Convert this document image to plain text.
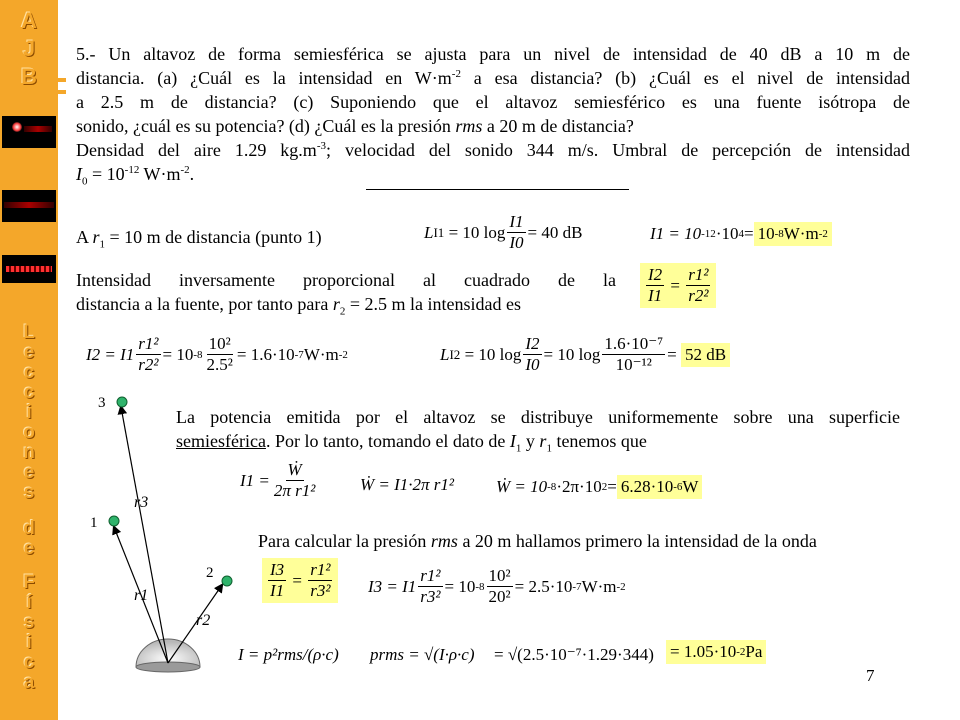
A
J
B
L
e
c
c
i
o
n
e
s
d
e
F
í
s
i
c
a
5.- Un altavoz de forma semiesférica se ajusta para un nivel de intensidad de 40 dB a 10 m de
distancia. (a) ¿Cuál es la intensidad en $W\cdot m^{-2}$ a esa distancia? (b) ¿Cuál es el nivel de intensidad
a 2.5 m de distancia? (c) Suponiendo que el altavoz semiesférico es una fuente isótropa de
sonido, ¿cuál es su potencia? (d) ¿Cuál es la presión rms a 20 m de distancia?
Densidad del aire 1.29 $kg.m^{-3}$; velocidad del sonido 344 m/s. Umbral de percepción de intensidad
$I_0 = 10^{-12}$ $W\cdot m^{-2}$.
A $r_1 = 10$ m de distancia (punto 1)	L I1
= 10 $\log \frac{I1}{I0} = 40$ dB	I1 = 10 -12 ·10 4 = 10 -8 W·m -2
Intensidad inversamente proporcional al cuadrado de la
distancia a la fuente, por tanto para $r_2 = 2.5$ m la intensidad es	$\frac{I2}{I1} = \frac{\text{r1²}}{\text{r2²}}$
$I2 = I1 \frac{\text{r1²}}{\text{r2²}} = 10$ $-8 \frac{\text{10²}}{\text{2.5²}} = 1.6\cdot 10$ -7 W·m -2	L I2
= 10 $\log \frac{I2}{I0} = 10$ $\log \frac{\text{1.6·10⁻⁷}}{\text{10⁻¹²}} = 52$ dB
3
1
2
r3
r1
r2
La potencia emitida por el altavoz se distribuye uniformemente sobre una superficie
semiesférica. Por lo tanto, tomando el dato de $I_1$ y $r_1$ tenemos que
$I1 = \frac{\text{Ẇ}}{\text{2π r1²}}$	Ẇ = I1·2π r1² Ẇ = 10 -8 ·2π·10 2 = 6.28·10 -6 W
Para calcular la presión rms a 20 m hallamos primero la intensidad de la onda
$\frac{I3}{I1} = \frac{\text{r1²}}{\text{r3²}} I3 = I1 \frac{\text{r1²}}{\text{r3²}} = 10$ $-8 \frac{\text{10²}}{\text{20²}} = 2.5\cdot 10$ -7 W·m -2
I = p²rms/(ρ·c) prms = √(I·ρ·c) = √(2.5·10⁻⁷·1.29·344) = 1.05·10 -2 Pa
7
